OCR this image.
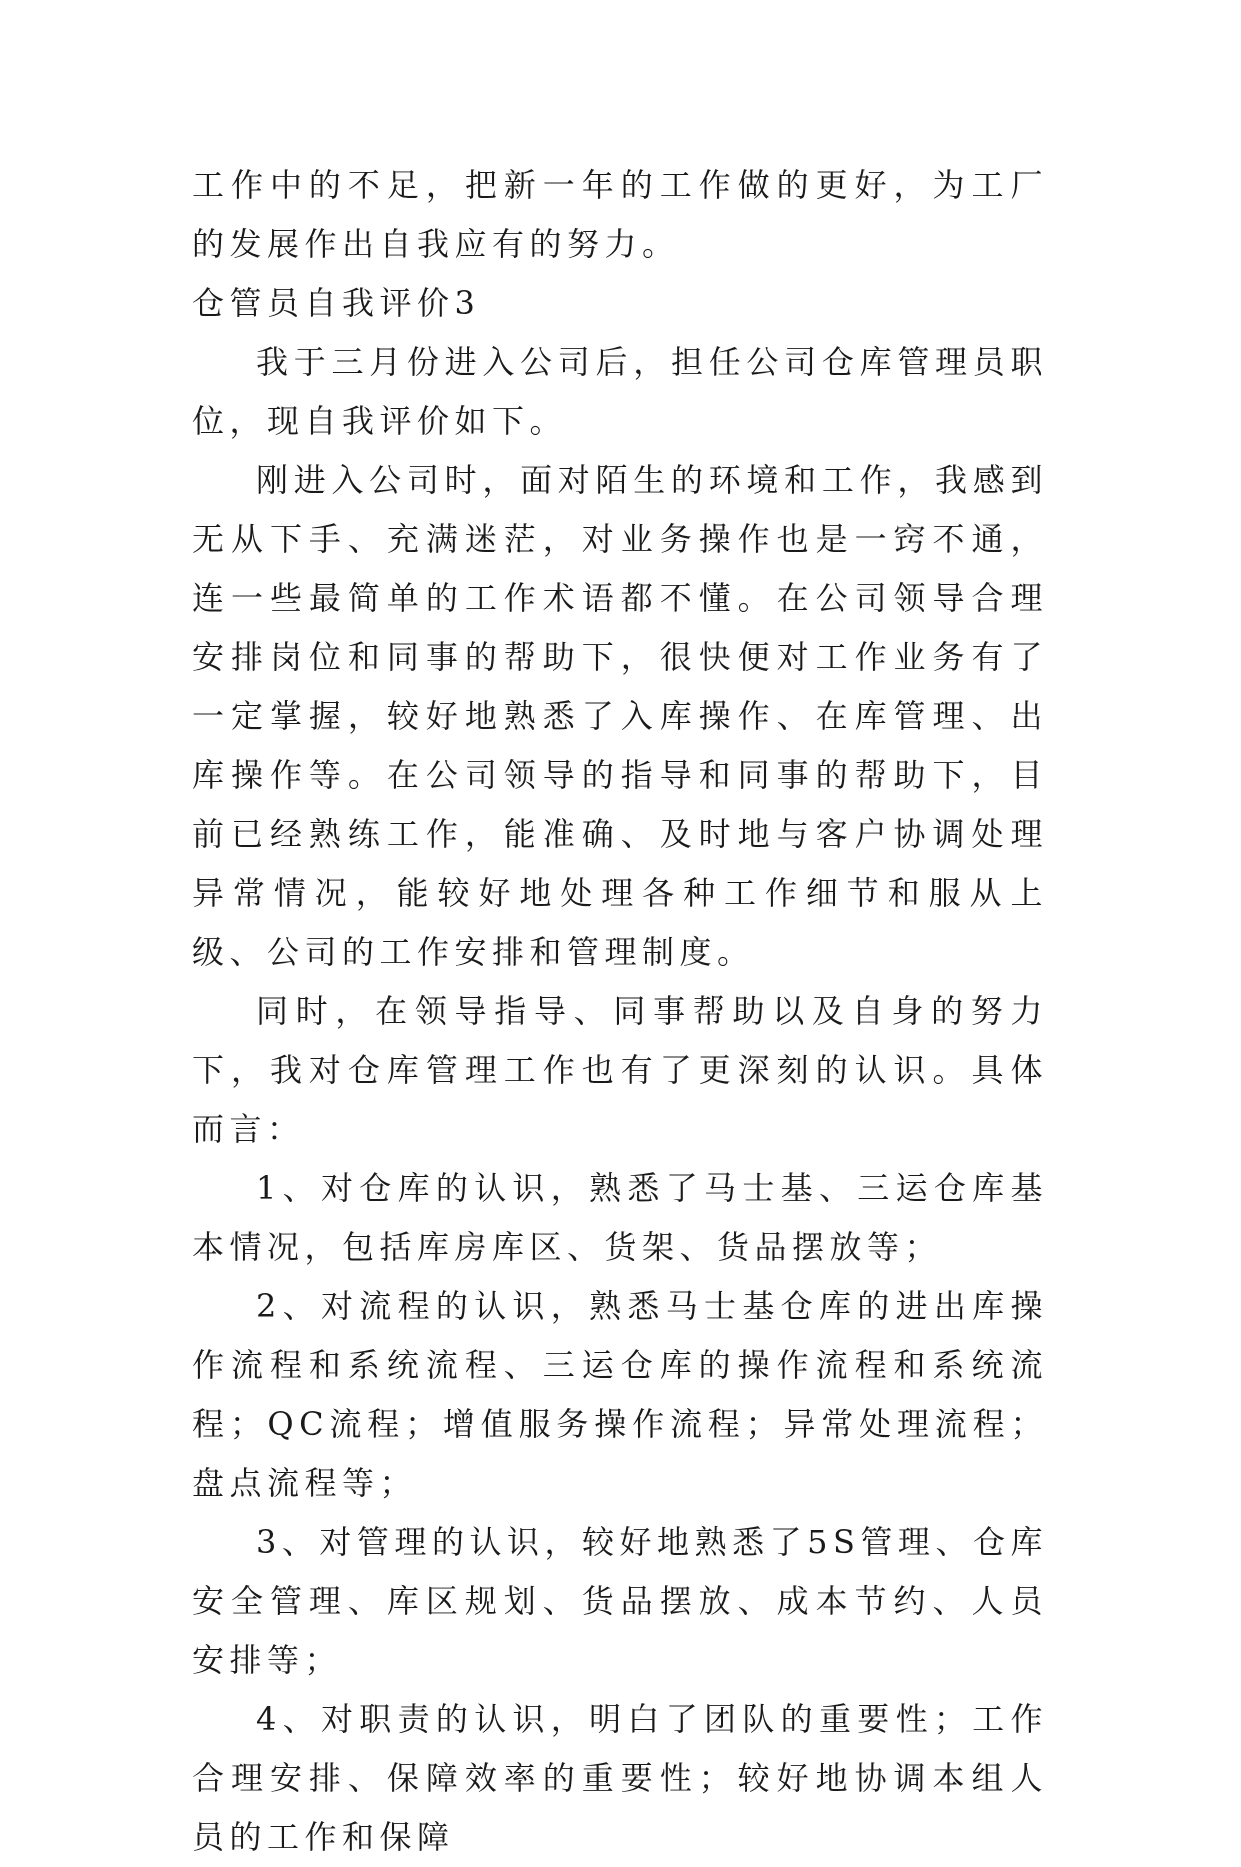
工作中的不足，把新一年的工作做的更好，为工厂的发展作出自我应有的努力。

仓管员自我评价3

我于三月份进入公司后，担任公司仓库管理员职位，现自我评价如下。

刚进入公司时，面对陌生的环境和工作，我感到无从下手、充满迷茫，对业务操作也是一窍不通，连一些最简单的工作术语都不懂。在公司领导合理安排岗位和同事的帮助下，很快便对工作业务有了一定掌握，较好地熟悉了入库操作、在库管理、出库操作等。在公司领导的指导和同事的帮助下，目前已经熟练工作，能准确、及时地与客户协调处理异常情况，能较好地处理各种工作细节和服从上级、公司的工作安排和管理制度。

同时，在领导指导、同事帮助以及自身的努力下，我对仓库管理工作也有了更深刻的认识。具体而言：

1、对仓库的认识，熟悉了马士基、三运仓库基本情况，包括库房库区、货架、货品摆放等；

2、对流程的认识，熟悉马士基仓库的进出库操作流程和系统流程、三运仓库的操作流程和系统流程；QC流程；增值服务操作流程；异常处理流程；盘点流程等；

3、对管理的认识，较好地熟悉了5S管理、仓库安全管理、库区规划、货品摆放、成本节约、人员安排等；

4、对职责的认识，明白了团队的重要性；工作合理安排、保障效率的重要性；较好地协调本组人员的工作和保障
